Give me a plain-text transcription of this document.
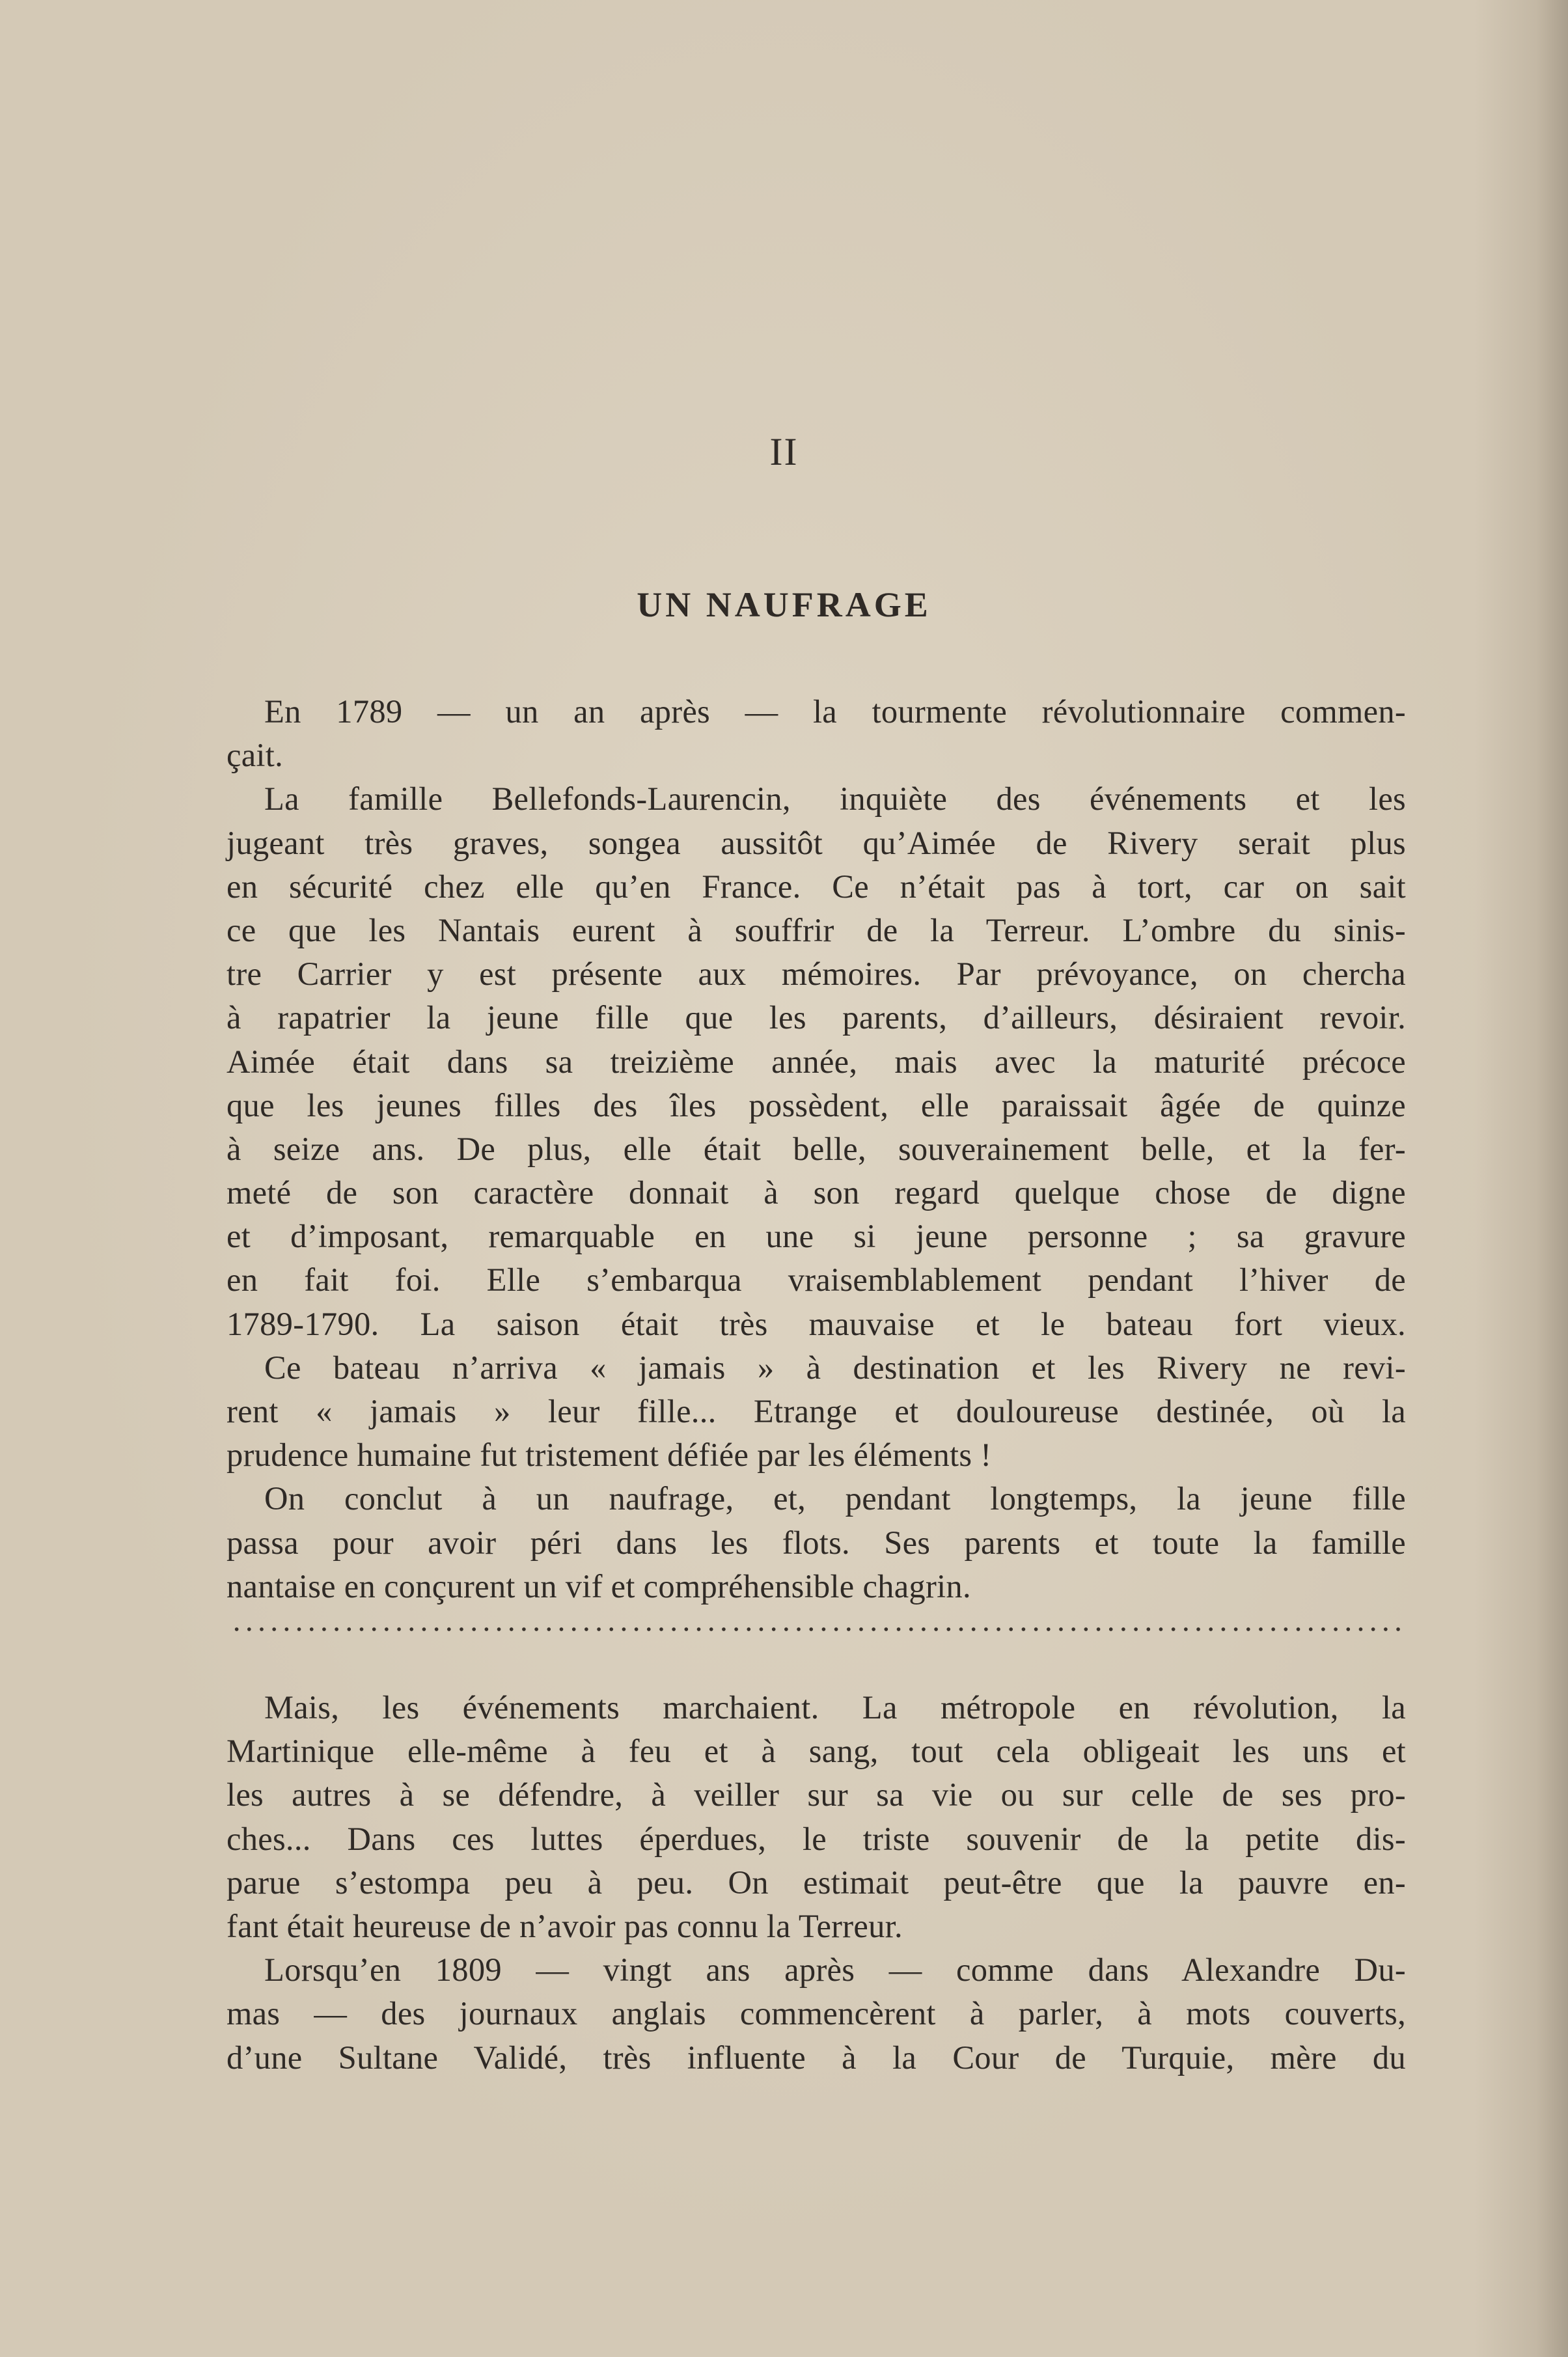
II
UN NAUFRAGE
En 1789 — un an après — la tourmente révolutionnaire commen-
çait.
La famille Bellefonds-Laurencin, inquiète des événements et les
jugeant très graves, songea aussitôt qu’Aimée de Rivery serait plus
en sécurité chez elle qu’en France. Ce n’était pas à tort, car on sait
ce que les Nantais eurent à souffrir de la Terreur. L’ombre du sinis-
tre Carrier y est présente aux mémoires. Par prévoyance, on chercha
à rapatrier la jeune fille que les parents, d’ailleurs, désiraient revoir.
Aimée était dans sa treizième année, mais avec la maturité précoce
que les jeunes filles des îles possèdent, elle paraissait âgée de quinze
à seize ans. De plus, elle était belle, souverainement belle, et la fer-
meté de son caractère donnait à son regard quelque chose de digne
et d’imposant, remarquable en une si jeune personne ; sa gravure
en fait foi. Elle s’embarqua vraisemblablement pendant l’hiver de
1789-1790. La saison était très mauvaise et le bateau fort vieux.
Ce bateau n’arriva « jamais » à destination et les Rivery ne revi-
rent « jamais » leur fille... Etrange et douloureuse destinée, où la
prudence humaine fut tristement défiée par les éléments !
On conclut à un naufrage, et, pendant longtemps, la jeune fille
passa pour avoir péri dans les flots. Ses parents et toute la famille
nantaise en conçurent un vif et compréhensible chagrin.
Mais, les événements marchaient. La métropole en révolution, la
Martinique elle-même à feu et à sang, tout cela obligeait les uns et
les autres à se défendre, à veiller sur sa vie ou sur celle de ses pro-
ches... Dans ces luttes éperdues, le triste souvenir de la petite dis-
parue s’estompa peu à peu. On estimait peut-être que la pauvre en-
fant était heureuse de n’avoir pas connu la Terreur.
Lorsqu’en 1809 — vingt ans après — comme dans Alexandre Du-
mas — des journaux anglais commencèrent à parler, à mots couverts,
d’une Sultane Validé, très influente à la Cour de Turquie, mère du
